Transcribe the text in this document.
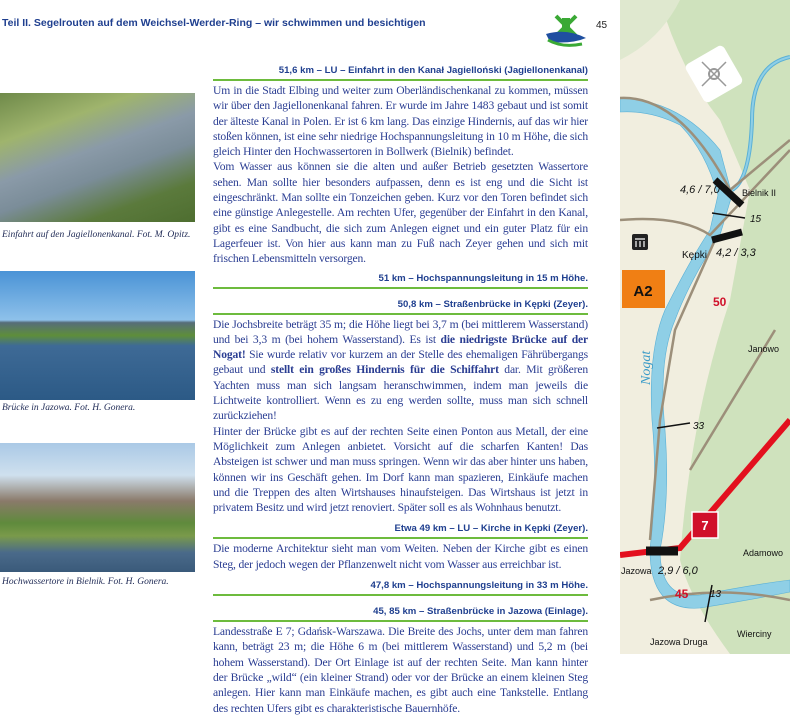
Teil II. Segelrouten auf dem Weichsel-Werder-Ring – wir schwimmen und besichtigen	45
Einfahrt auf den Jagiellonenkanal. Fot. M. Opitz.
Brücke in Jazowa. Fot. H. Gonera.
Hochwassertore in Bielnik. Fot. H. Gonera.
51,6 km – LU – Einfahrt in den Kanał Jagielloński (Jagiellonenkanal)

Um in die Stadt Elbing und weiter zum Oberländischenkanal zu kommen, müssen wir über den Jagiellonenkanal fahren. Er wurde im Jahre 1483 gebaut und ist somit der älteste Kanal in Polen. Er ist 6 km lang. Das einzige Hindernis, auf das wir hier stoßen können, ist eine sehr niedrige Hochspannungsleitung in 10 m Höhe, die sich gleich Hinter den Hochwassertoren in Bollwerk (Bielnik) befindet.

Vom Wasser aus können sie die alten und außer Betrieb gesetzten Wassertore sehen. Man sollte hier besonders aufpassen, denn es ist eng und die Sicht ist eingeschränkt. Man sollte ein Tonzeichen geben. Kurz vor den Toren befindet sich eine günstige Anlegestelle. Am rechten Ufer, gegenüber der Einfahrt in den Kanal, gibt es eine Sandbucht, die sich zum Anlegen eignet und ein guter Platz für ein Lagerfeuer ist. Von hier aus kann man zu Fuß nach Zeyer gehen und sich mit frischen Lebensmitteln versorgen.

51 km – Hochspannungsleitung in 15 m Höhe.
50,8 km – Straßenbrücke in Kępki (Zeyer).

Die Jochsbreite beträgt 35 m; die Höhe liegt bei 3,7 m (bei mittlerem Wasserstand) und bei 3,3 m (bei hohem Wasserstand). Es ist die niedrigste Brücke auf der Nogat! Sie wurde relativ vor kurzem an der Stelle des ehemaligen Fährübergangs gebaut und stellt ein großes Hindernis für die Schiffahrt dar. Mit größeren Yachten muss man sich langsam heranschwimmen, indem man jeweils die Lichtweite kontrolliert. Wenn es zu eng werden sollte, muss man sich schnell zurückziehen!

Hinter der Brücke gibt es auf der rechten Seite einen Ponton aus Metall, der eine Möglichkeit zum Anlegen anbietet. Vorsicht auf die scharfen Kanten! Das Absteigen ist schwer und man muss springen. Wenn wir das aber hinter uns haben, können wir ins Geschäft gehen. Im Dorf kann man spazieren, Einkäufe machen und die Treppen des alten Wirtshauses hinaufsteigen. Das Wirtshaus ist jetzt in privatem Besitz und wird jetzt renoviert. Später soll es als Wohnhaus benutzt.

Etwa 49 km – LU – Kirche in Kępki (Zeyer).

Die moderne Architektur sieht man vom Weiten. Neben der Kirche gibt es einen Steg, der jedoch wegen der Pflanzenwelt nicht vom Wasser aus erreichbar ist.

47,8 km – Hochspannungsleitung in 33 m Höhe.
45, 85 km – Straßenbrücke in Jazowa (Einlage).

Landesstraße E 7; Gdańsk-Warszawa. Die Breite des Jochs, unter dem man fahren kann, beträgt 23 m; die Höhe 6 m (bei mittlerem Wasserstand) und 5,2 m (bei hohem Wasserstand). Der Ort Einlage ist auf der rechten Seite. Man kann hinter der Brücke „wild“ (ein kleiner Strand) oder vor der Brücke an einem kleinen Steg anlegen. Hier kann man Einkäufe machen, es gibt auch eine Tankstelle. Entlang des rechten Ufers gibt es charakteristische Bauernhöfe.

A2
7
Bielnik II
4,6 / 7,0
15
Kępki 4,2 / 3,3
50
Janowo
Nogat
33
Adamowo
Jazowa 2,9 / 6,0
45 13
Jazowa Druga
Wierciny
